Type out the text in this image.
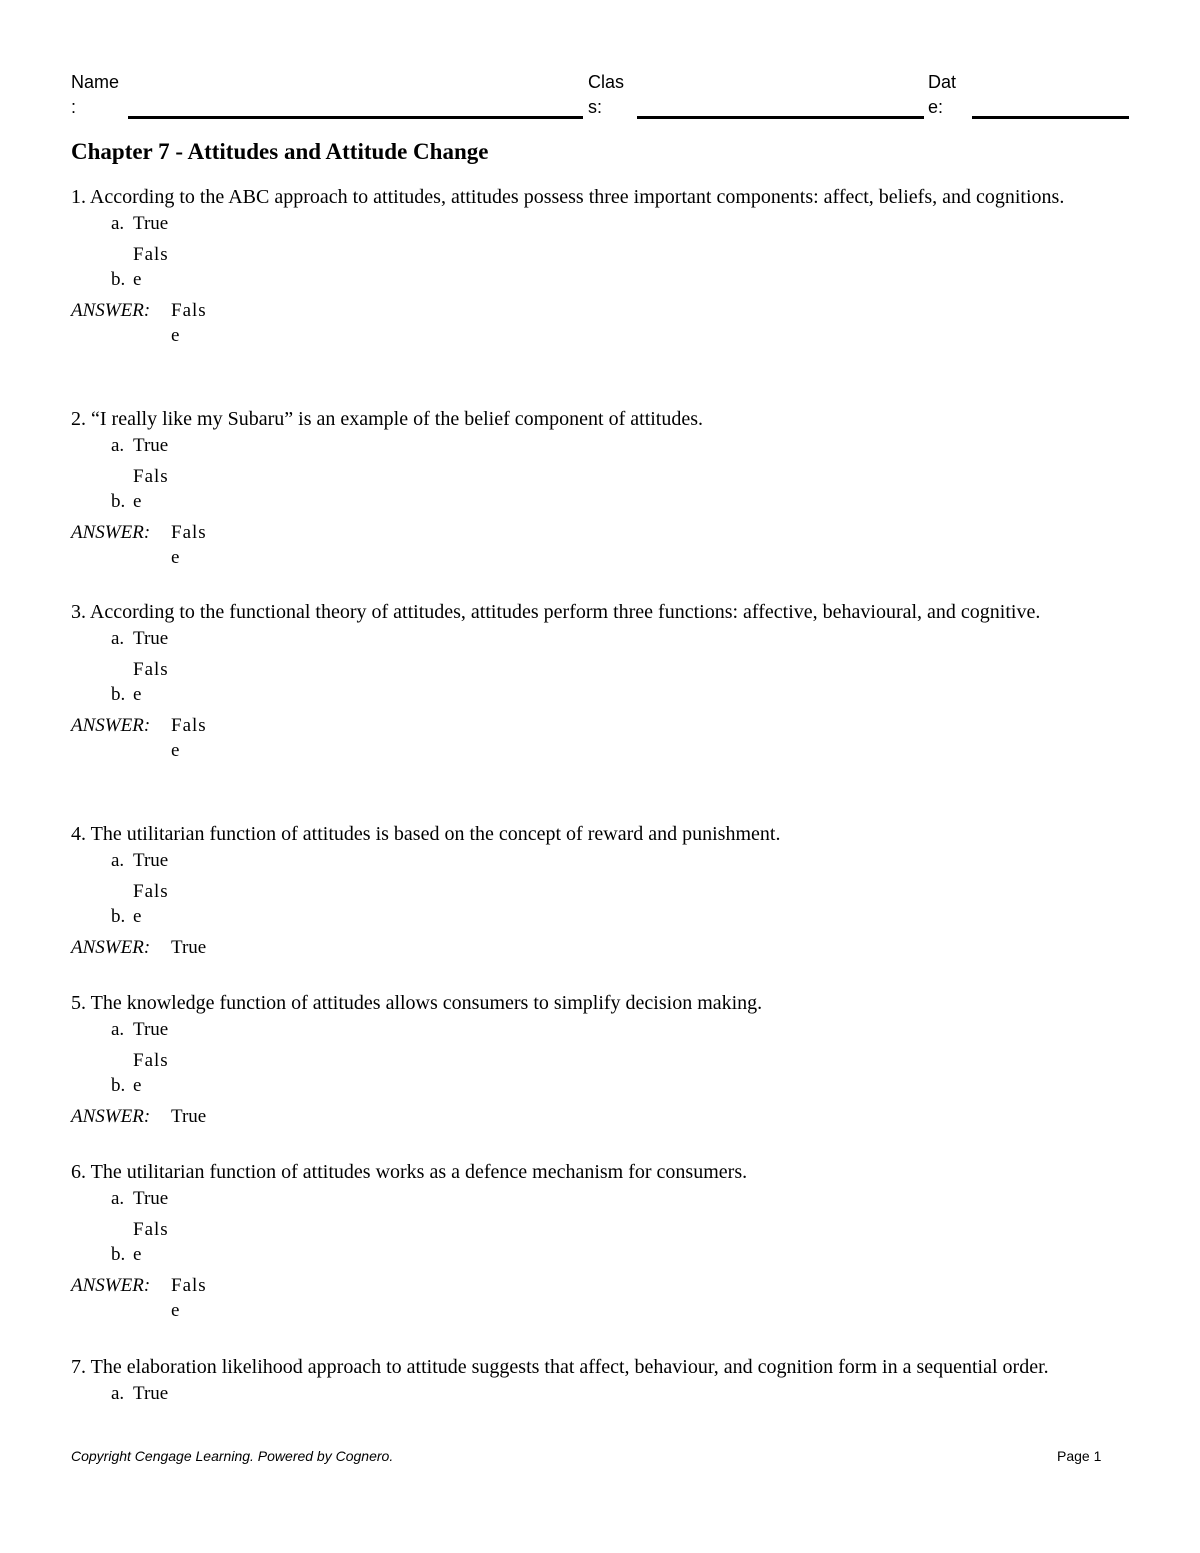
Name
:
Clas
s:
Dat
e:
Chapter 7 - Attitudes and Attitude Change

1. According to the ABC approach to attitudes, attitudes possess three important components: affect, beliefs, and cognitions.

a. True
b.False
ANSWER: False

2. “I really like my Subaru” is an example of the belief component of attitudes.

a. True
b.False
ANSWER: False

3. According to the functional theory of attitudes, attitudes perform three functions: affective, behavioural, and cognitive.

a. True
b.False
ANSWER: False

4. The utilitarian function of attitudes is based on the concept of reward and punishment.

a. True
b.False
ANSWER: True

5. The knowledge function of attitudes allows consumers to simplify decision making.

a. True
b.False
ANSWER: True

6. The utilitarian function of attitudes works as a defence mechanism for consumers.

a. True
b.False
ANSWER: False

7. The elaboration likelihood approach to attitude suggests that affect, behaviour, and cognition form in a sequential order.

a. True
Copyright Cengage Learning. Powered by Cognero.	Page 1
